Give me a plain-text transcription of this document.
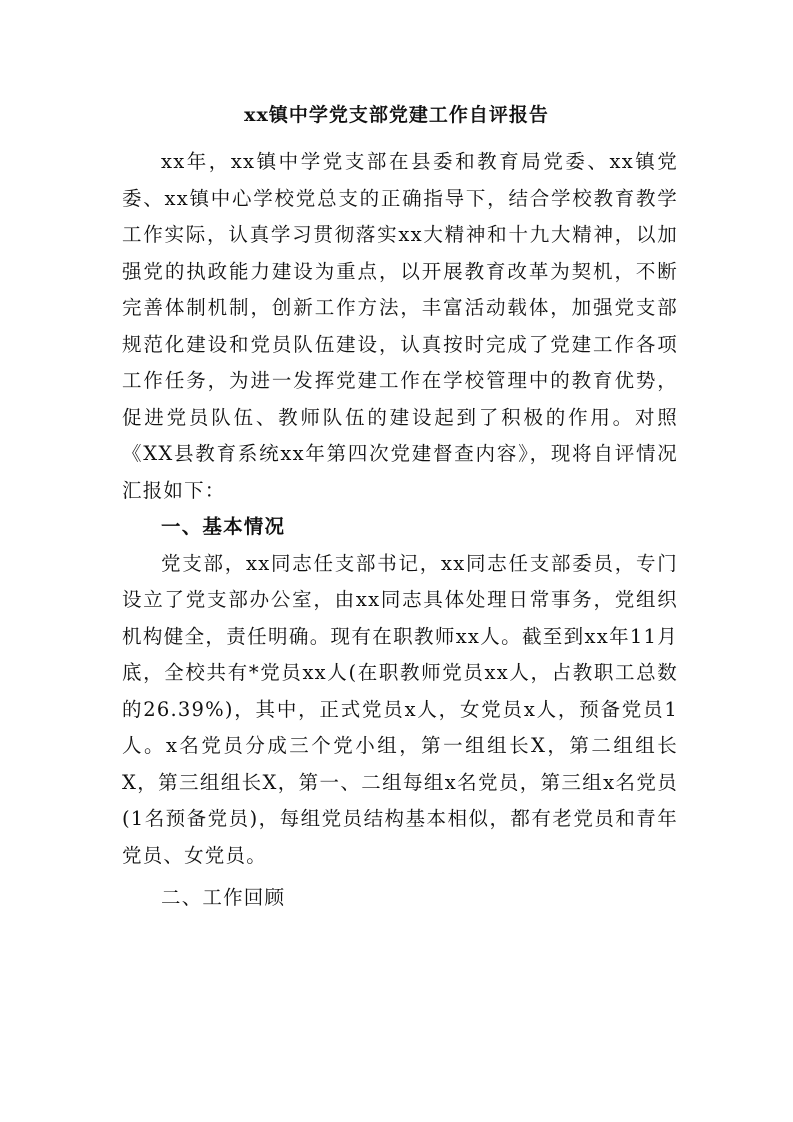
xx镇中学党支部党建工作自评报告

xx年，xx镇中学党支部在县委和教育局党委、xx镇党委、xx镇中心学校党总支的正确指导下，结合学校教育教学工作实际，认真学习贯彻落实xx大精神和十九大精神，以加强党的执政能力建设为重点，以开展教育改革为契机，不断完善体制机制，创新工作方法，丰富活动载体，加强党支部规范化建设和党员队伍建设，认真按时完成了党建工作各项工作任务，为进一发挥党建工作在学校管理中的教育优势，促进党员队伍、教师队伍的建设起到了积极的作用。对照《XX县教育系统xx年第四次党建督查内容》，现将自评情况汇报如下：

一、基本情况

党支部，xx同志任支部书记，xx同志任支部委员，专门设立了党支部办公室，由xx同志具体处理日常事务，党组织机构健全，责任明确。现有在职教师xx人。截至到xx年11月底，全校共有*党员xx人(在职教师党员xx人，占教职工总数的26.39%)，其中，正式党员x人，女党员x人，预备党员1人。x名党员分成三个党小组，第一组组长X，第二组组长X，第三组组长X，第一、二组每组x名党员，第三组x名党员(1名预备党员)，每组党员结构基本相似，都有老党员和青年党员、女党员。

二、工作回顾
